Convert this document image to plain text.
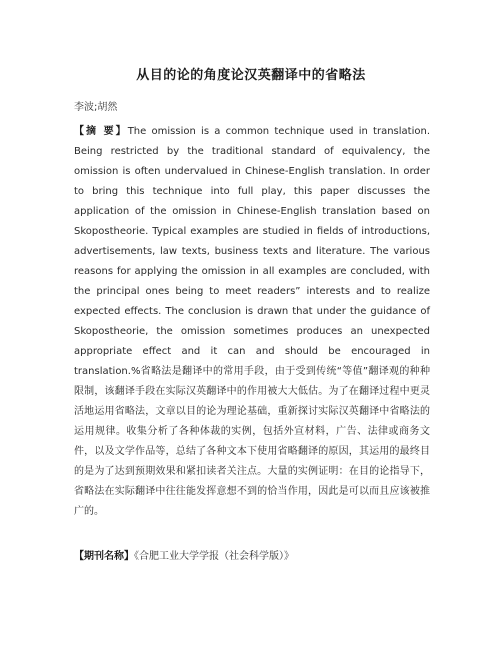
从目的论的角度论汉英翻译中的省略法
李波;胡然

【摘 要】The omission is a common technique used in translation. Being restricted by the traditional standard of equivalency, the omission is often undervalued in Chinese-English translation. In order to bring this technique into full play, this paper discusses the application of the omission in Chinese-English translation based on Skopostheorie. Typical examples are studied in fields of introductions, advertisements, law texts, business texts and literature. The various reasons for applying the omission in all examples are concluded, with the principal ones being to meet readers” interests and to realize expected effects. The conclusion is drawn that under the guidance of Skopostheorie, the omission sometimes produces an unexpected appropriate effect and it can and should be encouraged in translation.%省略法是翻译中的常用手段，由于受到传统“等值”翻译观的种种限制，该翻译手段在实际汉英翻译中的作用被大大低估。为了在翻译过程中更灵活地运用省略法，文章以目的论为理论基础，重新探讨实际汉英翻译中省略法的运用规律。收集分析了各种体裁的实例，包括外宣材料，广告、法律或商务文件，以及文学作品等，总结了各种文本下使用省略翻译的原因，其运用的最终目的是为了达到预期效果和紧扣读者关注点。大量的实例证明：在目的论指导下，省略法在实际翻译中往往能发挥意想不到的恰当作用，因此是可以而且应该被推广的。

【期刊名称】《合肥工业大学学报（社会科学版）》
